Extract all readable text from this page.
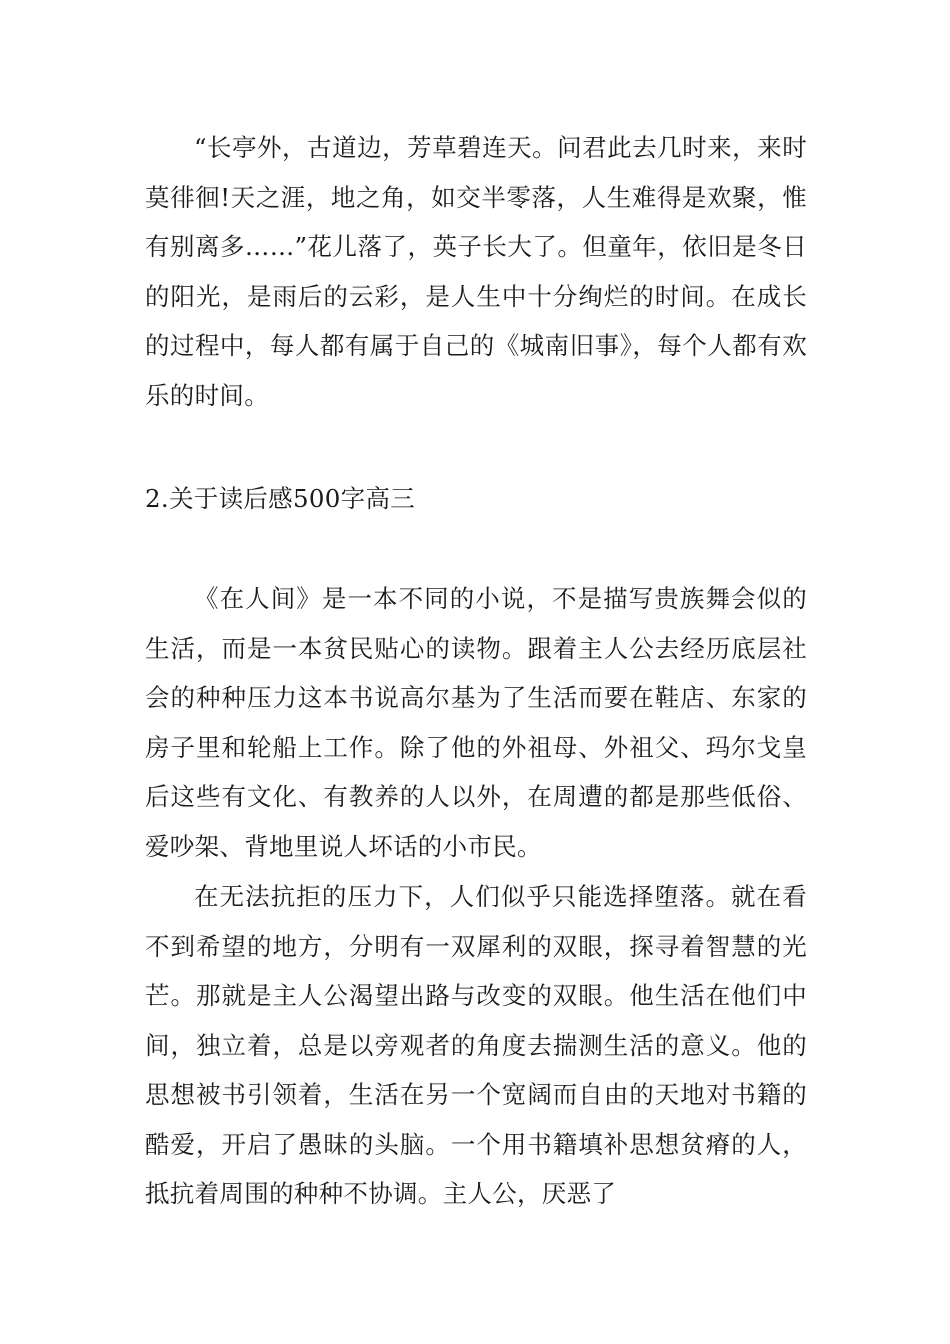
“长亭外，古道边，芳草碧连天。问君此去几时来，来时莫徘徊!天之涯，地之角，如交半零落，人生难得是欢聚，惟有别离多……”花儿落了，英子长大了。但童年，依旧是冬日的阳光，是雨后的云彩，是人生中十分绚烂的时间。在成长的过程中，每人都有属于自己的《城南旧事》，每个人都有欢乐的时间。

2.关于读后感500字高三

《在人间》是一本不同的小说，不是描写贵族舞会似的生活，而是一本贫民贴心的读物。跟着主人公去经历底层社会的种种压力这本书说高尔基为了生活而要在鞋店、东家的房子里和轮船上工作。除了他的外祖母、外祖父、玛尔戈皇后这些有文化、有教养的人以外，在周遭的都是那些低俗、爱吵架、背地里说人坏话的小市民。

在无法抗拒的压力下，人们似乎只能选择堕落。就在看不到希望的地方，分明有一双犀利的双眼，探寻着智慧的光芒。那就是主人公渴望出路与改变的双眼。他生活在他们中间，独立着，总是以旁观者的角度去揣测生活的意义。他的思想被书引领着，生活在另一个宽阔而自由的天地对书籍的酷爱，开启了愚昧的头脑。一个用书籍填补思想贫瘠的人，抵抗着周围的种种不协调。主人公，厌恶了
